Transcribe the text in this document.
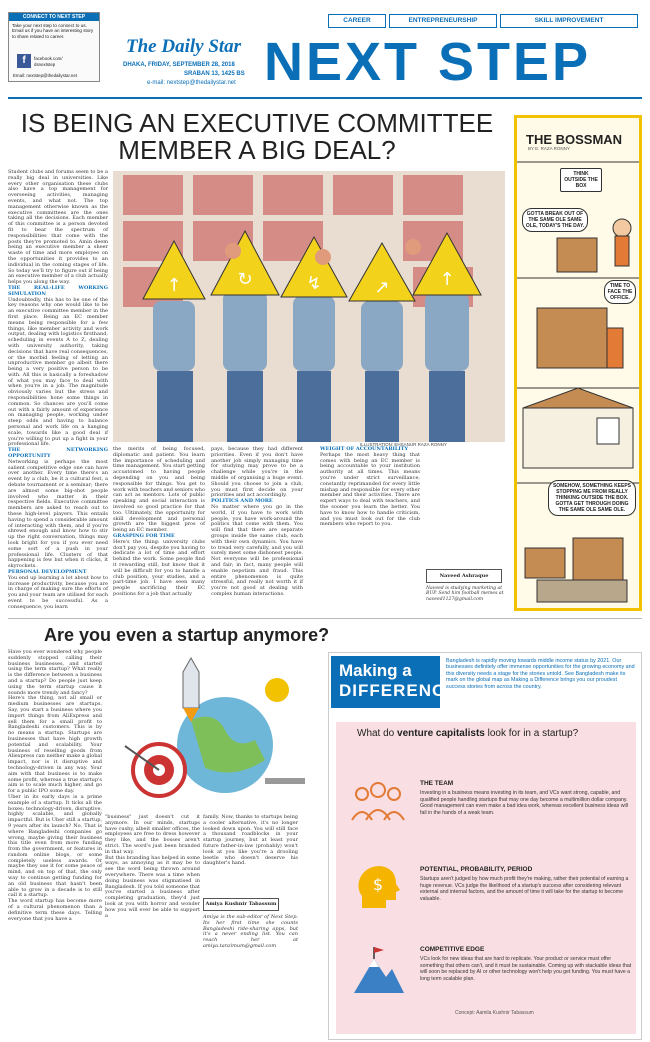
CONNECT TO NEXT STEP
Take your next step to connect to us. Email us if you have an interesting story to share related to career.
f	facebook.com/
dsnextstep
Email: nextstep@thedailystar.net
The Daily Star
DHAKA, FRIDAY, SEPTEMBER 28, 2018
SRABAN 13, 1425 BS
e-mail: nextstep@thedailystar.net
CAREER	ENTREPRENEURSHIP	SKILL IMPROVEMENT
NEXT STEP
IS BEING AN EXECUTIVE COMMITTEE MEMBER A BIG DEAL?
Student clubs and forums seem to be a really big deal in universities. Like every other organisation these clubs also have a top management for overseeing activities, managing events, and what not. The top management otherwise known as the executive committees are the ones taking all the decisions. Each member of this committee is a person devoted fit to bear the spectrum of responsibilities that come with the posts they're promoted to. Amin deem being an executive member a sheer waste of time and more employee on the opportunities it provides to an individual in the coming stages of life. So today we'll try to figure out if being an executive member of a club actually helps you along the way.
THE REAL-LIFE WORKING SIMULATION
Undoubtedly, this has to be one of the key reasons why one would like to be an executive committee member in the first place. Being an EC member means being responsible for a few things, like member activity and work output, dealing with logistics firsthand, scheduling in events A to Z, dealing with university authority, taking decisions that have real consequences, or the morbid feeling of letting an unproductive member go albeit there being a very positive person to be with. All this is basically a foreshadow of what you may face to deal with when you're in a job. The magnitude obviously varies but the stress and responsibilities hone some things in common. So chances are you'll come out with a fairly amount of experience on managing people, working under steep odds and having to balance personal and work life on a hanging scale, towards like a good deal if you're willing to put up a fight in your professional life.
THE NETWORKING OPPORTUNITY
Networking is perhaps the most salient competitive edge one can have over another. Every time there's an event by a club, be it a cultural fest, a debate tournament or a seminar; there are almost some big-shot people involved who matter in their respective fields. Executive committee members are asked to reach out to these high-level players. This entails having to spend a considerable amount of interacting with them, and if you're shrewd enough and know how to stir up the right conversation, things may look bright for you if you ever need some sort of a push in your professional life. Clusters of that happening is few but when it clicks, it skyrockets.
PERSONAL DEVELOPMENT
You end up learning a lot about how to increase productivity, because you are in charge of making sure the efforts of you and your team are utilised for each event to be successful. As a consequence, you learn
↑	↻	↯	↗	↑
ILLUSTRATION: EHSANUR RAZA RONNY
the merits of being focused, diplomatic and patient. You learn the importance of scheduling and time management. You start getting accustomed to having people depending on you and being responsible for things. You get to work with teachers and seniors who can act as mentors. Lots of public speaking and social interaction is involved so good practice for that too. Ultimately, the opportunity for skill development and personal growth are the biggest pros of being an EC member.
GRASPING FOR TIME
Here's the thing: university clubs don't pay you, despite you having to dedicate a lot of time and effort behind the work. Some people find it rewarding still, but know that it will be difficult for you to handle a club position, your studies, and a part-time job. I have seen many people sacrificing their EC positions for a job that actually
pays, because they had different priorities. Even if you don't have another job simply managing time for studying may prove to be a challenge while you're in the middle of organising a huge event. Should you choose to join a club, you must first decide on your priorities and act accordingly.
POLITICS AND MORE
No matter where you go in the world, if you have to work with people, you have work-around the politics that come with them. You will find that there are separate groups inside the same club, each with their own dynamics. You have to tread very carefully, and you will surely meet some dishonest people. Not everyone will be professional and fair; in fact, many people will enable nepotism and fraud. This entire phenomenon is quite stressful, and really not worth it if you're not good at dealing with complex human interactions.
WEIGHT OF ACCOUNTABILITY
Perhaps the most heavy thing that comes with being an EC member is being accountable to your institution authority at all times. This means you're under strict surveillance, constantly reprimanded for every little mishap and responsible for every other member and their activities. There are expert ways to deal with teachers, and the sooner you learn the better. You have to know how to handle criticism, and you must look out for the club members who report to you.
Naveed Ashraque
Naveed is studying marketing at BUP. Send him football memes at naveed1127@gmail.com
THE BOSSMAN
BY E. RAZA RONNY
THINK OUTSIDE THE BOX
GOTTA BREAK OUT OF THE SAME OLE SAME OLE, TODAY'S THE DAY.
TIME TO FACE THE OFFICE.
SOMEHOW, SOMETHING KEEPS STOPPING ME FROM REALLY THINKING OUTSIDE THE BOX. GOTTA GET THROUGH DOING THE SAME OLE SAME OLE.
Are you even a startup anymore?
Have you ever wondered why people suddenly stopped calling their business businesses, and started using the term startup? What really is the difference between a business and a startup? Do people just keep using the term startup cause it sounds more trendy and fancy?
Here's the thing, not all small or medium businesses are startups. Say, you start a business where you import things from AliExpress and sell them for a small profit to Bangladeshi customers. This is by no means a startup. Startups are businesses that have high growth potential and scalability. Your business of reselling goods from Aliexpress can neither make a global impact, nor is it disruptive and technology-driven in any way. Your aim with that business is to make some profit, whereas a true startup's aim is to scale much higher, and go for a public IPO some day.
Uber in its early days is a prime example of a startup. It ticks all the boxes: technology-driven, disruptive, highly scalable, and globally impactful. But is Uber still a startup, 9 years after its launch? No. That is where Bangladeshi companies go wrong, maybe giving their business this title even from more funding from the government, or features in random online blogs, or some completely useless awards. Or maybe they use it for some peace of mind, and on top of that, the only way to continue getting funding for an old business that hasn't been able to grow in a decade is to still call it a startup.
The word startup has become more of a cultural phenomenon than a definitive term these days. Telling everyone that you have a
"business" just doesn't cut it anymore. In our minds, startups have cushy, albeit smaller offices, the employees are free to dress however they like, and the bosses aren't strict. The word's just been branded in that way.
But this branding has helped in some ways, as annoying as it may be to see the word being thrown around everywhere. There was a time when doing business was stigmatised in Bangladesh. If you told someone that you've started a business after completing graduation, they'd just look at you with horror and wonder how you will ever be able to support a
family. Now, thanks to startups being a cooler alternative, it's no longer looked down upon. You will still face a thousand roadblocks in your startup journey, but at least your future father-in-law (probably) won't look at you like you're a drooling beetle who doesn't deserve his daughter's hand.
Amiya Kushnir Tabassum
Amiya is the sub-editor of Next Step. Its her first time she counts Bangladeshi ride-sharing apps, but it's a never ending list. You can reach her at amiya.tanzimum@gmail.com
Making a
DIFFERENCE
Bangladesh is rapidly moving towards middle income status by 2021. Our businesses definitely offer immense opportunities for the growing economy and this diversity needs a stage for the stories untold. See Bangladesh make its mark on the global map as Making a Difference brings you our proudest success stories from across the country.
What do venture capitalists look for in a startup?
THE TEAM
Investing in a business means investing in its team, and VCs want strong, capable, and qualified people handling startups that may one day become a multimillion dollar company. Good management can even make a bad idea work, whereas excellent business ideas will fail in the hands of a weak team.
$
POTENTIAL, PROBABILITY, PERIOD
Startups aren't judged by how much profit they're making, rather their potential of earning a huge revenue. VCs judge the likelihood of a startup's success after considering relevant external and internal factors, and the amount of time it will take for the startup to become valuable.
COMPETITIVE EDGE
VCs look for new ideas that are hard to replicate. Your product or service must offer something that others can't, and it must be sustainable. Coming up with stackable ideas that will soon be replaced by AI or other technology won't help you get funding. You must have a long term scalable plan.
Concept: Aamila Kushnir Tabassum
